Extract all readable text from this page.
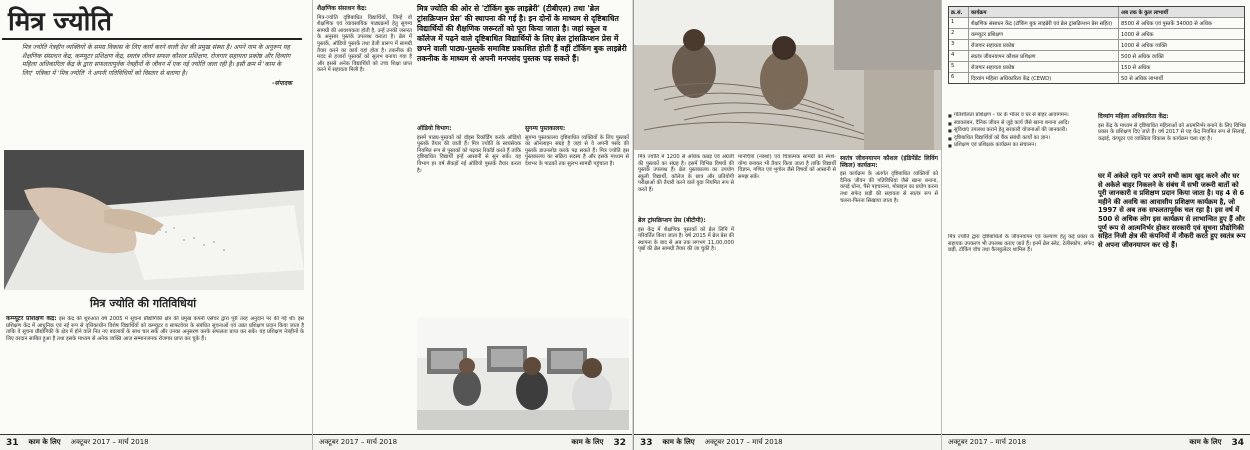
मित्र ज्योति
मित्र ज्योति नेत्रहीन व्यक्तियों के समग्र विकास के लिए कार्य करने वाली देश की प्रमुख संस्था है। अपने नाम के अनुरूप यह शैक्षणिक संसाधन केंद्र, कम्प्यूटर प्रशिक्षण केंद्र, स्वतंत्र जीवन सफल कौशल प्रशिक्षण, रोजगार सहायता प्रकोष्ठ और दिव्यांग महिला अधिकारिता केंद्र के द्वारा सफलतापूर्वक नेत्रहीनों के जीवन में एक नई ज्योति जला रही है। इसी क्रम में 'काम के लिए' पत्रिका में 'मित्र ज्योति' ने अपनी गतिविधियों को विस्तार से बताया है।
-संपादक
मित्र ज्योति की गतिविधियां
कम्प्यूटर प्रशिक्षण केंद्र: इस केंद्र की शुरुआत वर्ष 2005 में सूचना प्रौद्योगिकी क्षेत्र की प्रमुख कंपनी एसेंचर द्वारा पूरी तरह अनुदान पर की गई थी। इस प्रशिक्षण केंद्र में आधुनिक एवं नई रूप से वृत्तिकाधीन विशेष विद्यार्थियों को कम्प्यूटर व साफ्टवेयर के संबंधित सूचनाओं एवं उन्नत प्रशिक्षण प्रदान किया जाता है ताकि वे सूचना प्रौद्योगिकी के क्षेत्र में होने वाले नित नए बदलावों के साथ चल सकें और उनका अनुसरण करके सफलता प्राप्त कर सकें। यह प्रशिक्षण नेत्रहीनों के लिए वरदान साबित हुआ है तथा इसके माध्यम से अनेक व्यक्ति आज सम्मानजनक रोजगार प्राप्त कर चुके हैं।
31 काम के लिए अक्टूबर 2017 – मार्च 2018
शैक्षणिक संसाधन केंद्र:
मित्र-ज्योति दृष्टिबाधित विद्यार्थियों, जिन्हें वो शैक्षणिक एवं व्यावसायिक पाठ्यक्रमों हेतु सुगम्य सामग्री की आवश्यकता होती है, उन्हें उनकी जरूरत के अनुसार पुस्तकें उपलब्ध कराता है। ब्रेल में पुस्तकें, ऑडियो पुस्तकें तथा डेजी प्रारूप में सामग्री तैयार करने का कार्य यहां होता है। तकनीक की मदद से हजारों पुस्तकों को सुलभ बनाया गया है और इससे अनेक विद्यार्थियों को उच्च शिक्षा प्राप्त करने में सहायता मिली है।
मित्र ज्योति की ओर से 'टॉकिंग बुक लाइब्रेरी' (टीबीएल) तथा 'ब्रेल ट्रांसक्रिप्शन प्रेस' की स्थापना की गई है। इन दोनों के माध्यम से दृष्टिबाधित विद्यार्थियों की शैक्षणिक जरूरतों को पूरा किया जाता है। जहां स्कूल व कॉलेज में पढ़ने वाले दृष्टिबाधित विद्यार्थियों के लिए ब्रेल ट्रांसक्रिप्शन प्रेस में छपने वाली पाठ्य-पुस्तकें समाविष्ट प्रकाशित होती हैं वहीं टॉकिंग बुक लाइब्रेरी तकनीक के माध्यम से अपनी मनपसंद पुस्तक पढ़ सकते हैं।
ऑडियो विभाग:
इसमें पाठ्य-पुस्तकों को वॉइस रिकॉर्डिंग करके ऑडियो पुस्तकें तैयार की जाती हैं। मित्र ज्योति के स्वयंसेवक नियमित रूप से पुस्तकों को पढ़कर रिकॉर्ड करते हैं ताकि दृष्टिबाधित विद्यार्थी इन्हें आसानी से सुन सकें। यह विभाग हर वर्ष सैकड़ों नई ऑडियो पुस्तकें तैयार करता है।
सुगम्य पुस्तकालय:
सुगम्य पुस्तकालय दृष्टिबाधित व्यक्तियों के लिए पुस्तकों का ऑनलाइन संग्रह है जहां से वे अपनी पसंद की पुस्तकें डाउनलोड करके पढ़ सकते हैं। मित्र ज्योति इस पुस्तकालय का सक्रिय सदस्य है और इसके माध्यम से देशभर के पाठकों तक सुलभ सामग्री पहुंचाता है।
अक्टूबर 2017 – मार्च 2018	काम के लिए 32
मित्र ज्योति में 1200 से अधिक कन्नड़ एवं अंग्रेजी की पुस्तकों का संग्रह है। इसमें विभिन्न विषयों की पुस्तकें उपलब्ध हैं। ब्रेल पुस्तकालय का उपयोग स्कूली विद्यार्थी, कॉलेज के छात्र और प्रतियोगी परीक्षाओं की तैयारी करने वाले युवा नियमित रूप से करते हैं।
ब्रेल ट्रांसक्रिप्शन प्रेस (बीटीपी):
इस केंद्र में शैक्षणिक पुस्तकों को ब्रेल लिपि में परिवर्तित किया जाता है। वर्ष 2015 में ब्रेल प्रेस की स्थापना के बाद से अब तक लगभग 11,00,000 पृष्ठों की ब्रेल सामग्री तैयार की जा चुकी है।
मानचित्रों (नक्शों) एवं चित्रात्मक सामग्री को स्पर्श-योग्य बनाकर भी तैयार किया जाता है ताकि विद्यार्थी विज्ञान, गणित एवं भूगोल जैसे विषयों को आसानी से समझ सकें।
स्वतंत्र जीवनयापन कौशल (इंडिपेंडेंट लिविंग स्किल) कार्यक्रम:
इस कार्यक्रम के अंतर्गत दृष्टिबाधित व्यक्तियों को दैनिक जीवन की गतिविधियां जैसे खाना बनाना, कपड़े धोना, पैसे पहचानना, मोबाइल का प्रयोग करना तथा सफेद छड़ी की सहायता से स्वतंत्र रूप से चलना-फिरना सिखाया जाता है।
33 काम के लिए अक्टूबर 2017 – मार्च 2018
क्र.सं.	कार्यक्रम	अब तक के कुल लाभार्थी
1	शैक्षणिक संसाधन केंद्र (टॉकिंग बुक लाइब्रेरी एवं ब्रेल ट्रांसक्रिप्शन प्रेस सहित)	8500 से अधिक एवं पुस्तकें 34000 से अधिक
2	कम्प्यूटर प्रशिक्षण	1000 से अधिक
3	रोजगार सहायता प्रकोष्ठ	1000 से अधिक व्यक्ति
4	स्वतंत्र जीवनयापन कौशल प्रशिक्षण	500 से अधिक व्यक्ति
5	रोजगार सहायता प्रकोष्ठ	150 से अधिक
6	दिव्यांग महिला अधिकारिता केंद्र (CEWD)	50 से अधिक लाभार्थी
■ गतिशीलता प्रशिक्षण – घर के भीतर व घर से बाहर आवागमन।
■ स्वावलंबन, दैनिक जीवन से जुड़े कार्य जैसे खाना बनाना आदि।
■ सुविधाएं उपलब्ध कराने हेतु सरकारी योजनाओं की जानकारी।
■ दृष्टिबाधित विद्यार्थियों को बैंक संबंधी कार्यों का ज्ञान।
■ प्रशिक्षण एवं प्रशिक्षक कार्यक्रम का संचालन।
दिव्यांग महिला अधिकारिता केंद्र:
इस केंद्र के माध्यम से दृष्टिबाधित महिलाओं को आत्मनिर्भर बनाने के लिए विभिन्न प्रकार के प्रशिक्षण दिए जाते हैं। वर्ष 2017 से यह केंद्र नियमित रूप से सिलाई, कढ़ाई, कंप्यूटर एवं व्यक्तित्व विकास के कार्यक्रम चला रहा है।
घर में अकेले रहने पर अपने सभी काम खुद करने और घर से अकेले बाहर निकलने के संबंध में सभी जरूरी बातों को पूरी जानकारी व प्रशिक्षण प्रदान किया जाता है। यह 4 से 6 महीने की अवधि का आवासीय प्रशिक्षण कार्यक्रम है, जो 1997 से अब तक सफलतापूर्वक चल रहा है। इस वर्ष में 500 से अधिक लोग इस कार्यक्रम से लाभान्वित हुए हैं और पूर्ण रूप से आत्मनिर्भर होकर सरकारी एवं सूचना प्रौद्योगिकी सहित निजी क्षेत्र की कंपनियों में नौकरी करते हुए स्वतंत्र रूप से अपना जीवनयापन कर रहे हैं।
मित्र ज्योति द्वारा दृष्टिबाधितों के जीवनयापन एवं कल्याण हेतु कई प्रकार के सहायक उपकरण भी उपलब्ध कराए जाते हैं। इनमें ब्रेल स्लेट, टेलीस्कोप, सफेद छड़ी, टॉकिंग वॉच तथा कैलकुलेटर शामिल हैं।
अक्टूबर 2017 – मार्च 2018	काम के लिए 34
